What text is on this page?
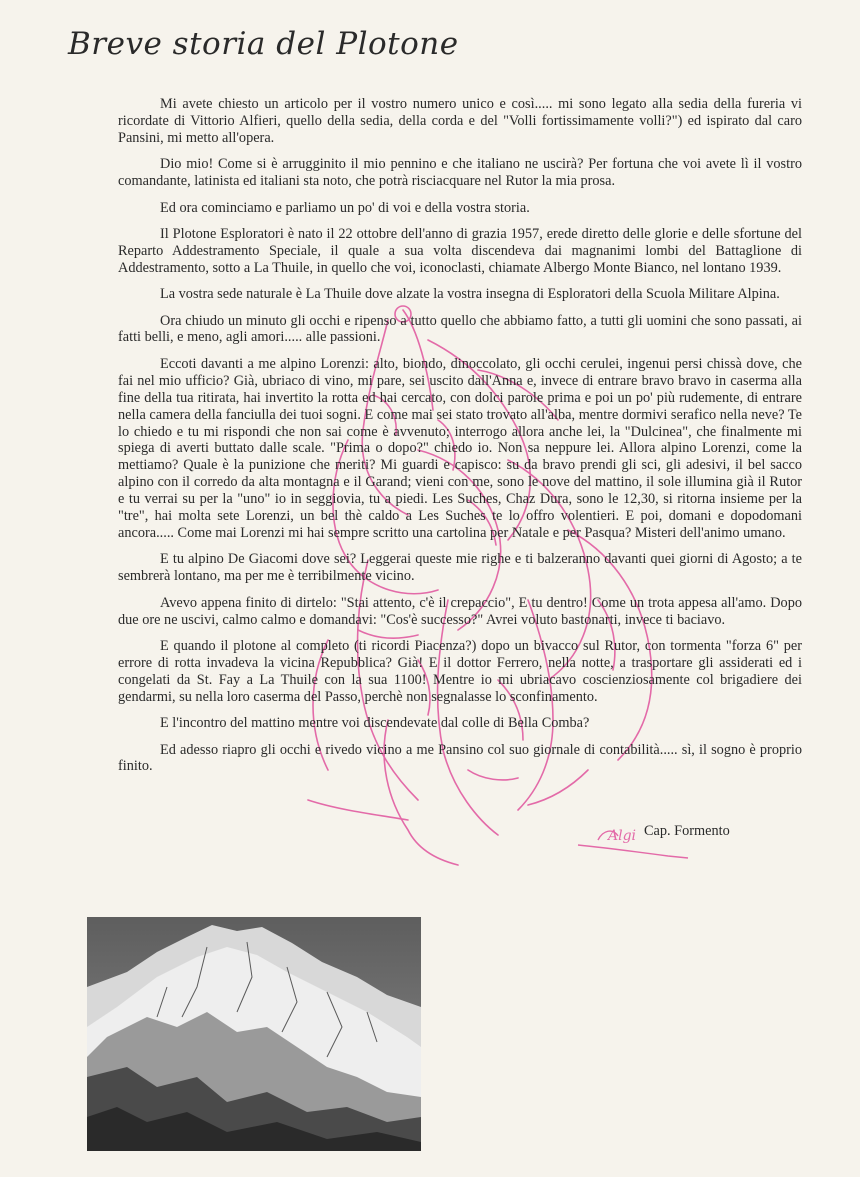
Breve storia del Plotone
Algi

Mi avete chiesto un articolo per il vostro numero unico e così..... mi sono legato alla sedia della fureria vi ricordate di Vittorio Alfieri, quello della sedia, della corda e del "Volli fortissimamente volli?") ed ispirato dal caro Pansini, mi metto all'opera.

Dio mio! Come si è arrugginito il mio pennino e che italiano ne uscirà? Per fortuna che voi avete lì il vostro comandante, latinista ed italiani sta noto, che potrà risciacquare nel Rutor la mia prosa.

Ed ora cominciamo e parliamo un po' di voi e della vostra storia.

Il Plotone Esploratori è nato il 22 ottobre dell'anno di grazia 1957, erede diretto delle glorie e delle sfortune del Reparto Addestramento Speciale, il quale a sua volta discendeva dai magnanimi lombi del Battaglione di Addestramento, sotto a La Thuile, in quello che voi, iconoclasti, chiamate Albergo Monte Bianco, nel lontano 1939.

La vostra sede naturale è La Thuile dove alzate la vostra insegna di Esploratori della Scuola Militare Alpina.

Ora chiudo un minuto gli occhi e ripenso a tutto quello che abbiamo fatto, a tutti gli uomini che sono passati, ai fatti belli, e meno, agli amori..... alle passioni.

Eccoti davanti a me alpino Lorenzi: alto, biondo, dinoccolato, gli occhi cerulei, ingenui persi chissà dove, che fai nel mio ufficio? Già, ubriaco di vino, mi pare, sei uscito dall'Anna e, invece di entrare bravo bravo in caserma alla fine della tua ritirata, hai invertito la rotta ed hai cercato, con dolci parole prima e poi un po' più rudemente, di entrare nella camera della fanciulla dei tuoi sogni. E come mai sei stato trovato all'alba, mentre dormivi serafico nella neve? Te lo chiedo e tu mi rispondi che non sai come è avvenuto; interrogo allora anche lei, la "Dulcinea", che finalmente mi spiega di averti buttato dalle scale. "Prima o dopo?" chiedo io. Non sa neppure lei. Allora alpino Lorenzi, come la mettiamo? Quale è la punizione che meriti? Mi guardi e capisco: su da bravo prendi gli sci, gli adesivi, il bel sacco alpino con il corredo da alta montagna e il Garand; vieni con me, sono le nove del mattino, il sole illumina già il Rutor e tu verrai su per la "uno" io in seggiovia, tu a piedi. Les Suches, Chaz Dura, sono le 12,30, si ritorna insieme per la "tre", hai molta sete Lorenzi, un bel thè caldo a Les Suches te lo offro volentieri. E poi, domani e dopodomani ancora..... Come mai Lorenzi mi hai sempre scritto una cartolina per Natale e per Pasqua? Misteri dell'animo umano.

E tu alpino De Giacomi dove sei? Leggerai queste mie righe e ti balzeranno davanti quei giorni di Agosto; a te sembrerà lontano, ma per me è terribilmente vicino.

Avevo appena finito di dirtelo: "Stai attento, c'è il crepaccio", E tu dentro! Come un trota appesa all'amo. Dopo due ore ne uscivi, calmo calmo e domandavi: "Cos'è successo?" Avrei voluto bastonarti, invece ti baciavo.

E quando il plotone al completo (ti ricordi Piacenza?) dopo un bivacco sul Rutor, con tormenta "forza 6" per errore di rotta invadeva la vicina Repubblica? Già! E il dottor Ferrero, nella notte, a trasportare gli assiderati ed i congelati da St. Fay a La Thuile con la sua 1100! Mentre io mi ubriacavo coscienziosamente col brigadiere dei gendarmi, su nella loro caserma del Passo, perchè non segnalasse lo sconfinamento.

E l'incontro del mattino mentre voi discendevate dal colle di Bella Comba?

Ed adesso riapro gli occhi e rivedo vicino a me Pansino col suo giornale di contabilità..... sì, il sogno è proprio finito.

Cap. Formento
